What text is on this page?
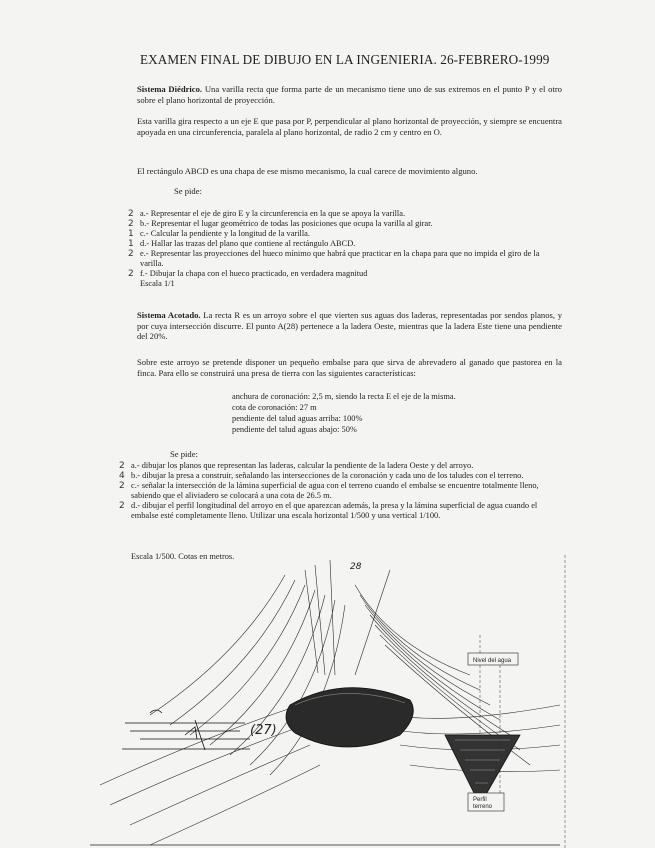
EXAMEN FINAL DE DIBUJO EN LA INGENIERIA. 26-FEBRERO-1999
Sistema Diédrico. Una varilla recta que forma parte de un mecanismo tiene uno de sus extremos en el punto P y el otro sobre el plano horizontal de proyección.
Esta varilla gira respecto a un eje E que pasa por P, perpendicular al plano horizontal de proyección, y siempre se encuentra apoyada en una circunferencia, paralela al plano horizontal, de radio 2 cm y centro en O.
El rectángulo ABCD es una chapa de ese mismo mecanismo, la cual carece de movimiento alguno.
Se pide:
2 a.- Representar el eje de giro E y la circunferencia en la que se apoya la varilla.
2 b.- Representar el lugar geométrico de todas las posiciones que ocupa la varilla al girar.
1 c.- Calcular la pendiente y la longitud de la varilla.
1 d.- Hallar las trazas del plano que contiene al rectángulo ABCD.
2 e.- Representar las proyecciones del hueco mínimo que habrá que practicar en la chapa para que no impida el giro de la varilla.
2 f.- Dibujar la chapa con el hueco practicado, en verdadera magnitud
Escala 1/1
Sistema Acotado. La recta R es un arroyo sobre el que vierten sus aguas dos laderas, representadas por sendos planos, y por cuya intersección discurre. El punto A(28) pertenece a la ladera Oeste, mientras que la ladera Este tiene una pendiente del 20%.
Sobre este arroyo se pretende disponer un pequeño embalse para que sirva de abrevadero al ganado que pastorea en la finca. Para ello se construirá una presa de tierra con las siguientes características:
anchura de coronación: 2,5 m, siendo la recta E el eje de la misma.
cota de coronación: 27 m
pendiente del talud aguas arriba: 100%
pendiente del talud aguas abajo: 50%
Se pide:
2 a.- dibujar los planos que representan las laderas, calcular la pendiente de la ladera Oeste y del arroyo.
4 b.- dibujar la presa a construir, señalando las intersecciones de la coronación y cada uno de los taludes con el terreno.
2 c.- señalar la intersección de la lámina superficial de agua con el terreno cuando el embalse se encuentre totalmente lleno, sabiendo que el aliviadero se colocará a una cota de 26.5 m.
2 d.- dibujar el perfil longitudinal del arroyo en el que aparezcan además, la presa y la lámina superficial de agua cuando el embalse esté completamente lleno. Utilizar una escala horizontal 1/500 y una vertical 1/100.
Escala 1/500. Cotas en metros.
Nivel del agua
Perfil
terreno
28
(27)
